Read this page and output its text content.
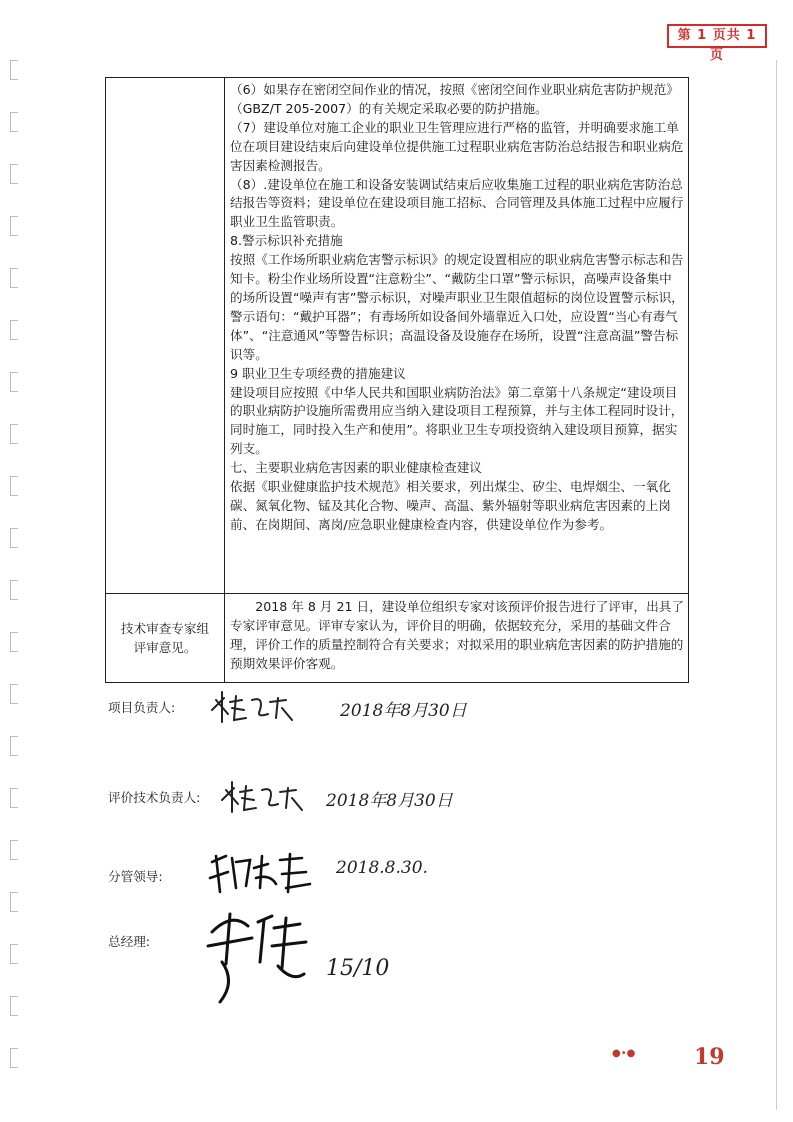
第 1 页共 1 页

（6）如果存在密闭空间作业的情况，按照《密闭空间作业职业病危害防护规范》（GBZ/T 205-2007）的有关规定采取必要的防护措施。

（7）建设单位对施工企业的职业卫生管理应进行严格的监管，并明确要求施工单位在项目建设结束后向建设单位提供施工过程职业病危害防治总结报告和职业病危害因素检测报告。

（8）.建设单位在施工和设备安装调试结束后应收集施工过程的职业病危害防治总结报告等资料；建设单位在建设项目施工招标、合同管理及具体施工过程中应履行职业卫生监管职责。

8.警示标识补充措施

按照《工作场所职业病危害警示标识》的规定设置相应的职业病危害警示标志和告知卡。粉尘作业场所设置“注意粉尘”、“戴防尘口罩”警示标识，高噪声设备集中的场所设置“噪声有害”警示标识，对噪声职业卫生限值超标的岗位设置警示标识，警示语句：“戴护耳器”；有毒场所如设备间外墙靠近入口处，应设置“当心有毒气体”、“注意通风”等警告标识；高温设备及设施存在场所，设置“注意高温”警告标识等。

9 职业卫生专项经费的措施建议

建设项目应按照《中华人民共和国职业病防治法》第二章第十八条规定“建设项目的职业病防护设施所需费用应当纳入建设项目工程预算，并与主体工程同时设计，同时施工，同时投入生产和使用”。将职业卫生专项投资纳入建设项目预算，据实列支。

七、主要职业病危害因素的职业健康检查建议

依据《职业健康监护技术规范》相关要求，列出煤尘、矽尘、电焊烟尘、一氧化碳、氮氧化物、锰及其化合物、噪声、高温、紫外辐射等职业病危害因素的上岗前、在岗期间、离岗/应急职业健康检查内容，供建设单位作为参考。

技术审查专家组评审意见。
2018 年 8 月 21 日，建设单位组织专家对该预评价报告进行了评审，出具了专家评审意见。评审专家认为，评价目的明确，依据较充分，采用的基础文件合理，评价工作的质量控制符合有关要求；对拟采用的职业病危害因素的防护措施的预期效果评价客观。
项目负责人:	2018年8月30日
评价技术负责人:	2018年8月30日
分管领导:	2018.8.30.
总经理:
15/10
●•●	19
